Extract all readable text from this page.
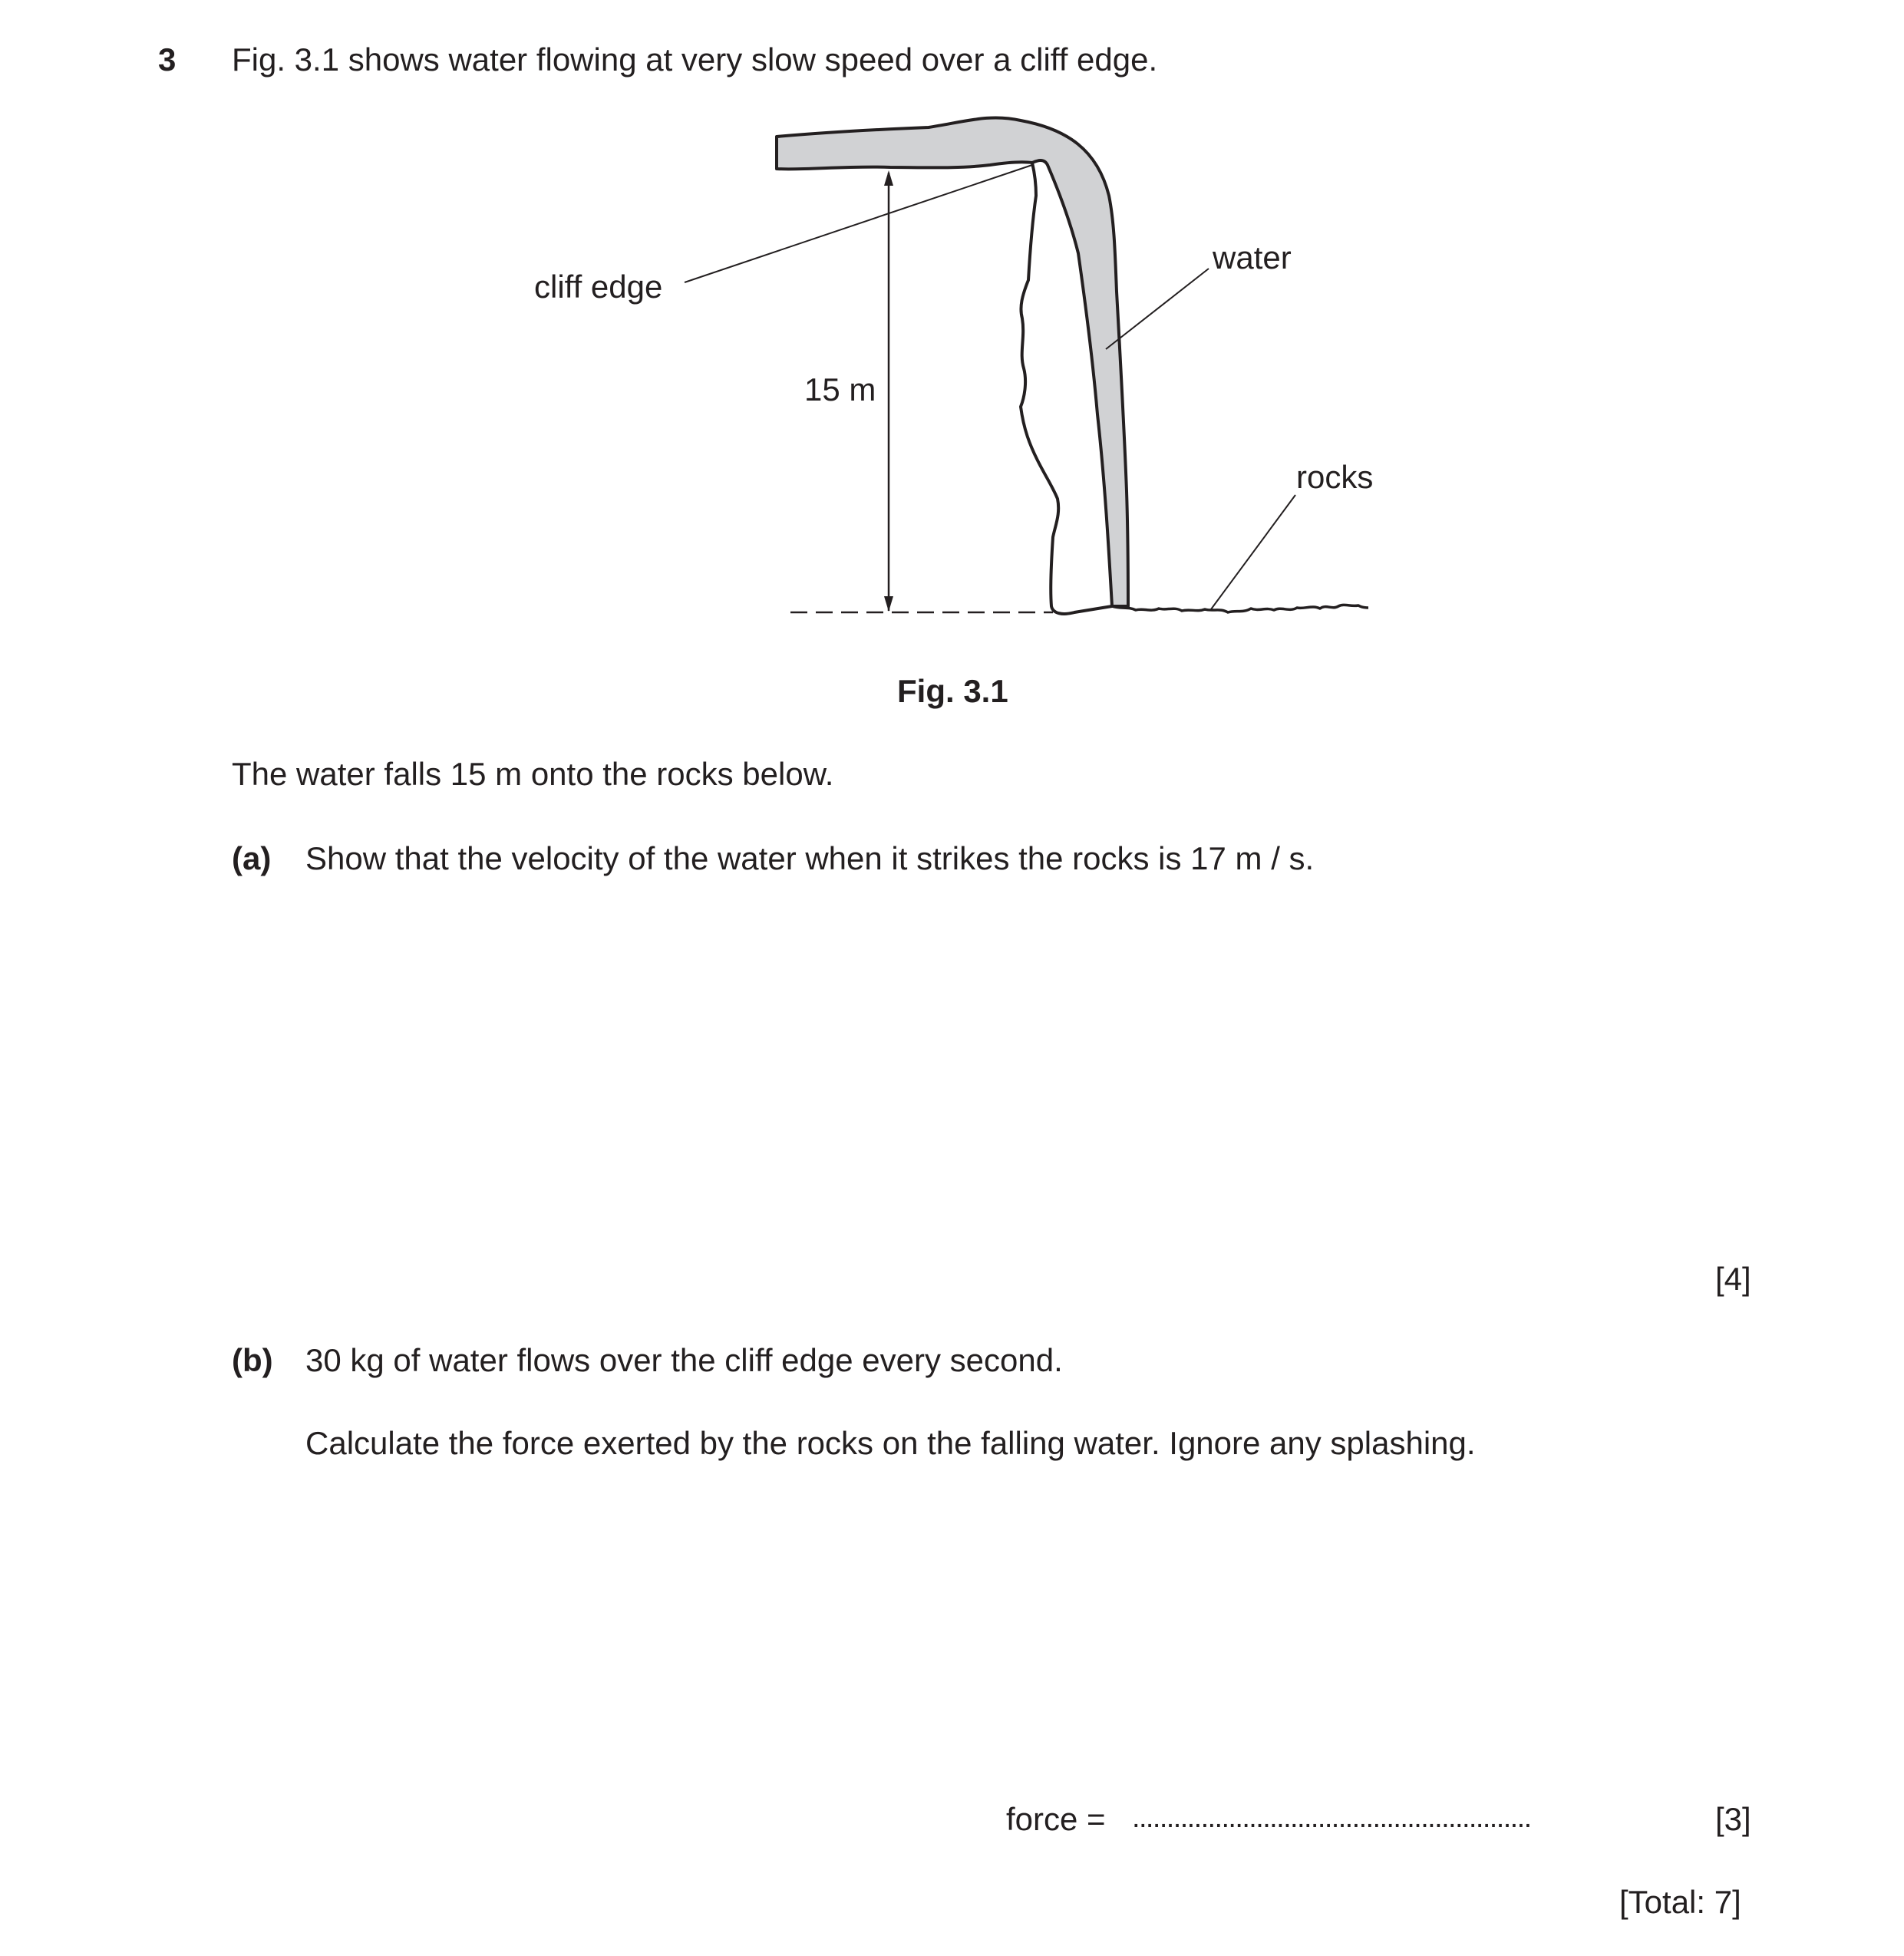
3 Fig. 3.1 shows water flowing at very slow speed over a cliff edge.
cliff edge
water
15 m
rocks
Fig. 3.1
The water falls 15 m onto the rocks below.
(a) Show that the velocity of the water when it strikes the rocks is 17 m / s.
[4]
(b) 30 kg of water flows over the cliff edge every second.
Calculate the force exerted by the rocks on the falling water. Ignore any splashing.
force = ..........................................................	[3]
[Total: 7]
